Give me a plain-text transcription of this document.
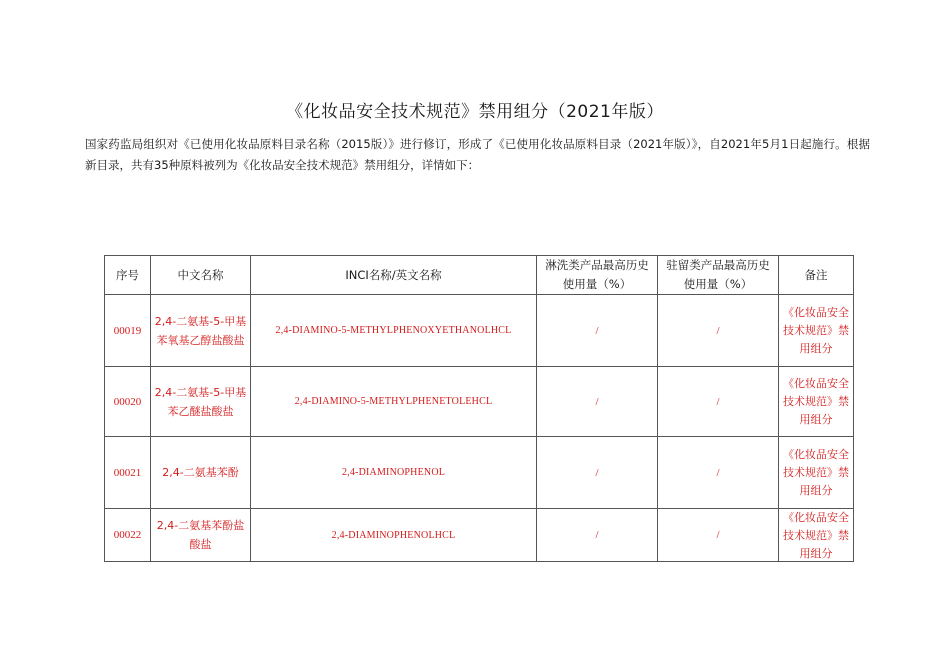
《化妆品安全技术规范》禁用组分（2021年版）
国家药监局组织对《已使用化妆品原料目录名称（2015版）》进行修订，形成了《已使用化妆品原料目录（2021年版）》，自2021年5月1日起施行。根据新目录，共有35种原料被列为《化妆品安全技术规范》禁用组分，详情如下：
序号	中文名称	INCI名称/英文名称	淋洗类产品最高历史使用量（%）	驻留类产品最高历史使用量（%）	备注
00019	2,4-二氨基-5-甲基苯氧基乙醇盐酸盐	2,4-DIAMINO-5-METHYLPHENOXYETHANOLHCL	/	/	《化妆品安全技术规范》禁用组分
00020	2,4-二氨基-5-甲基苯乙醚盐酸盐	2,4-DIAMINO-5-METHYLPHENETOLEHCL	/	/	《化妆品安全技术规范》禁用组分
00021	2,4-二氨基苯酚	2,4-DIAMINOPHENOL	/	/	《化妆品安全技术规范》禁用组分
00022	2,4-二氨基苯酚盐酸盐	2,4-DIAMINOPHENOLHCL	/	/	《化妆品安全技术规范》禁用组分
